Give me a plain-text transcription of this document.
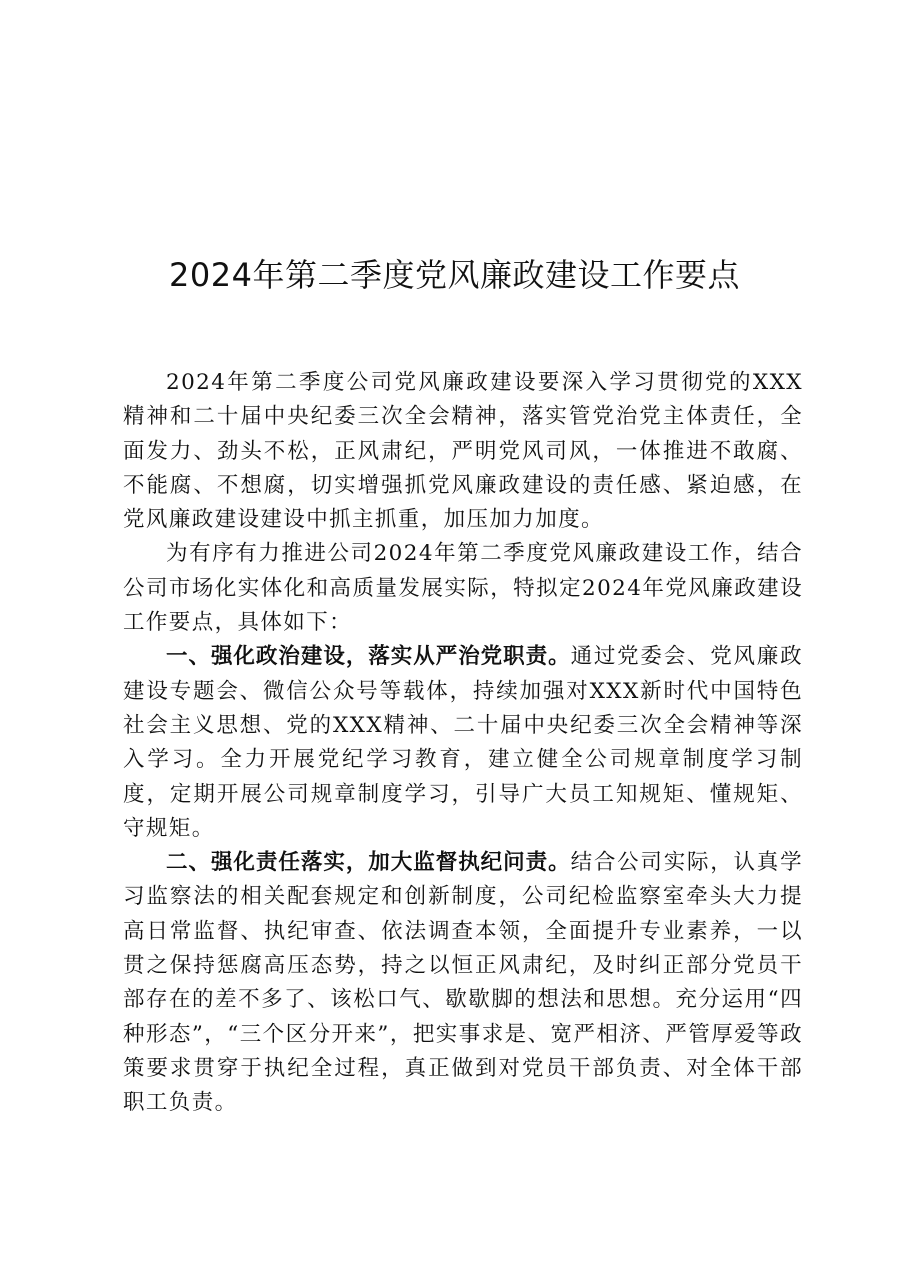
2024年第二季度党风廉政建设工作要点

2024年第二季度公司党风廉政建设要深入学习贯彻党的XXX精神和二十届中央纪委三次全会精神，落实管党治党主体责任，全面发力、劲头不松，正风肃纪，严明党风司风，一体推进不敢腐、不能腐、不想腐，切实增强抓党风廉政建设的责任感、紧迫感，在党风廉政建设建设中抓主抓重，加压加力加度。

为有序有力推进公司2024年第二季度党风廉政建设工作，结合公司市场化实体化和高质量发展实际，特拟定2024年党风廉政建设工作要点，具体如下：

一、强化政治建设，落实从严治党职责。通过党委会、党风廉政建设专题会、微信公众号等载体，持续加强对XXX新时代中国特色社会主义思想、党的XXX精神、二十届中央纪委三次全会精神等深入学习。全力开展党纪学习教育，建立健全公司规章制度学习制度，定期开展公司规章制度学习，引导广大员工知规矩、懂规矩、守规矩。

二、强化责任落实，加大监督执纪问责。结合公司实际，认真学习监察法的相关配套规定和创新制度，公司纪检监察室牵头大力提高日常监督、执纪审查、依法调查本领，全面提升专业素养，一以贯之保持惩腐高压态势，持之以恒正风肃纪，及时纠正部分党员干部存在的差不多了、该松口气、歇歇脚的想法和思想。充分运用“四种形态”，“三个区分开来”，把实事求是、宽严相济、严管厚爱等政策要求贯穿于执纪全过程，真正做到对党员干部负责、对全体干部职工负责。
